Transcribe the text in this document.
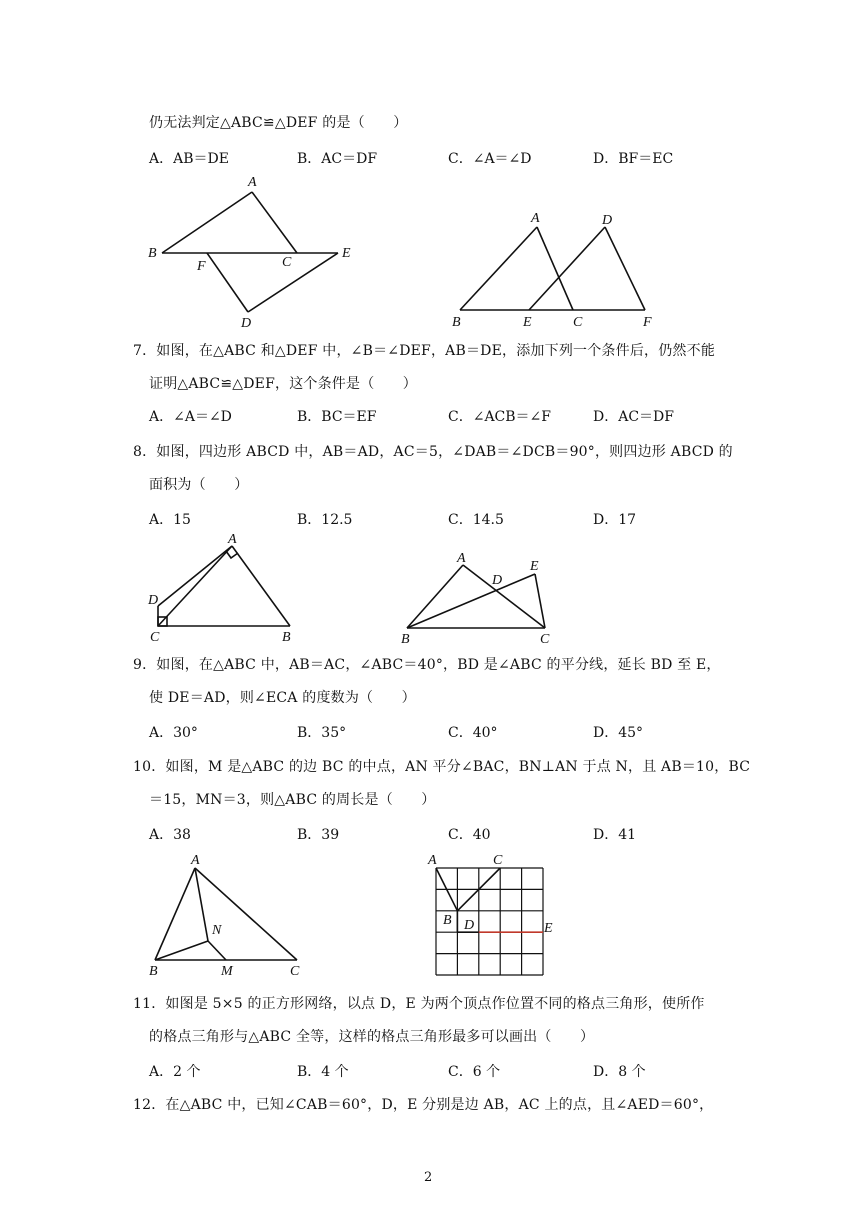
仍无法判定△ABC≌△DEF 的是（　　）
A．AB＝DE	B．AC＝DF	C．∠A＝∠D	D．BF＝EC
A
B
F	C
E
D
A	D
B	E	C	F
7．如图，在△ABC 和△DEF 中，∠B＝∠DEF，AB＝DE，添加下列一个条件后，仍然不能
证明△ABC≌△DEF，这个条件是（　　）
A．∠A＝∠D	B．BC＝EF	C．∠ACB＝∠F	D．AC＝DF
8．如图，四边形 ABCD 中，AB＝AD，AC＝5，∠DAB＝∠DCB＝90°，则四边形 ABCD 的
面积为（　　）
A．15	B．12.5	C．14.5	D．17
A
D
C	B
A
D
E
B	C
9．如图，在△ABC 中，AB＝AC，∠ABC＝40°，BD 是∠ABC 的平分线，延长 BD 至 E，
使 DE＝AD，则∠ECA 的度数为（　　）
A．30°	B．35°	C．40°	D．45°
10．如图，M 是△ABC 的边 BC 的中点，AN 平分∠BAC，BN⊥AN 于点 N，且 AB＝10，BC
＝15，MN＝3，则△ABC 的周长是（　　）
A．38	B．39	C．40	D．41
A
N
B	M	C
A	C
B D	E
11．如图是 5×5 的正方形网络，以点 D，E 为两个顶点作位置不同的格点三角形，使所作
的格点三角形与△ABC 全等，这样的格点三角形最多可以画出（　　）
A．2 个	B．4 个	C．6 个	D．8 个
12．在△ABC 中，已知∠CAB＝60°，D，E 分别是边 AB，AC 上的点，且∠AED＝60°，
2
